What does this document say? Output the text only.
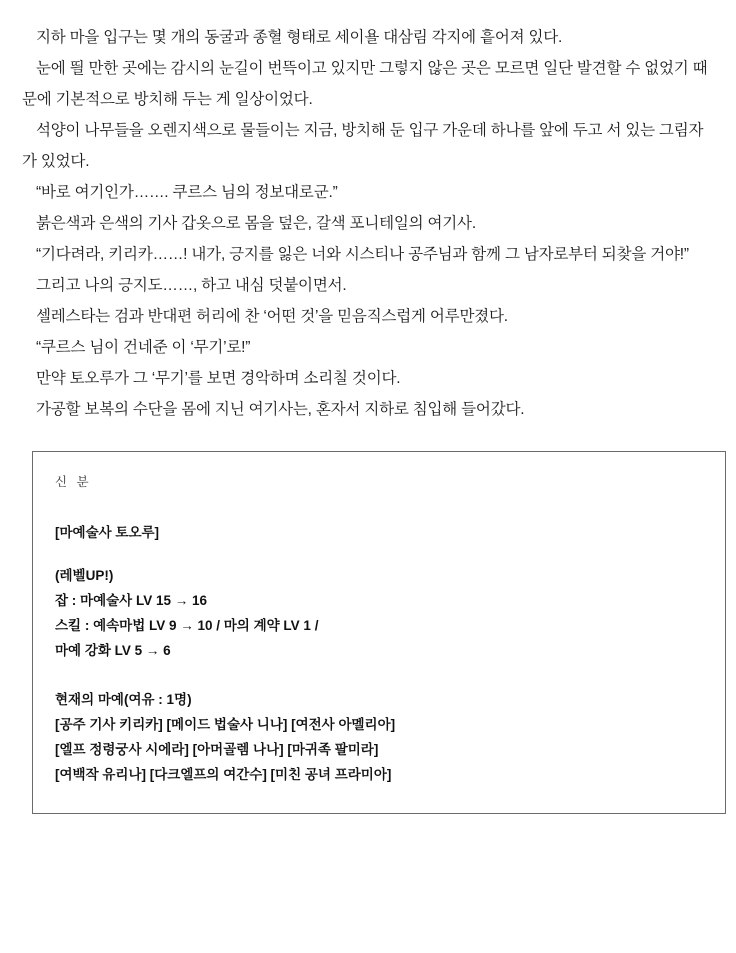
지하 마을 입구는 몇 개의 동굴과 종혈 형태로 세이욜 대삼림 각지에 흩어져 있다.

눈에 띌 만한 곳에는 감시의 눈길이 번뜩이고 있지만 그렇지 않은 곳은 모르면 일단 발견할 수 없었기 때문에 기본적으로 방치해 두는 게 일상이었다.

석양이 나무들을 오렌지색으로 물들이는 지금, 방치해 둔 입구 가운데 하나를 앞에 두고 서 있는 그림자가 있었다.

“바로 여기인가……. 쿠르스 님의 정보대로군.”

붉은색과 은색의 기사 갑옷으로 몸을 덮은, 갈색 포니테일의 여기사.

“기다려라, 키리카……! 내가, 긍지를 잃은 너와 시스티나 공주님과 함께 그 남자로부터 되찾을 거야!”

그리고 나의 긍지도……, 하고 내심 덧붙이면서.

셀레스타는 검과 반대편 허리에 찬 ‘어떤 것’을 믿음직스럽게 어루만졌다.

“쿠르스 님이 건네준 이 ‘무기’로!”

만약 토오루가 그 ‘무기’를 보면 경악하며 소리칠 것이다.

가공할 보복의 수단을 몸에 지닌 여기사는, 혼자서 지하로 침입해 들어갔다.

신 분
[마예술사 토오루]
(레벨UP!)
잡 : 마예술사 LV 15 → 16
스킬 : 예속마법 LV 9 → 10 / 마의 계약 LV 1 /
마예 강화 LV 5 → 6
현재의 마예(여유 : 1명)
[공주 기사 키리카] [메이드 법술사 니나] [여전사 아멜리아]
[엘프 정령궁사 시에라] [아머골렘 나나] [마귀족 팔미라]
[여백작 유리나] [다크엘프의 여간수] [미친 공녀 프라미아]
